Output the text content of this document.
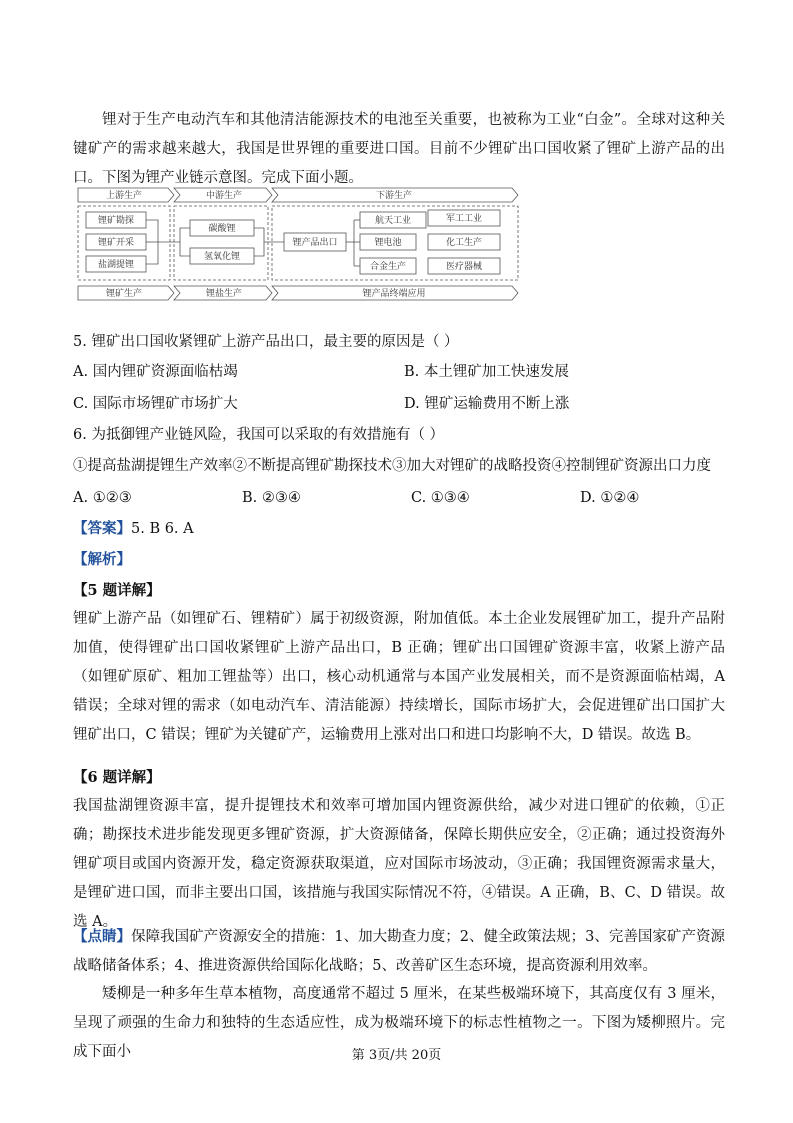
锂对于生产电动汽车和其他清洁能源技术的电池至关重要，也被称为工业“白金”。全球对这种关键矿产的需求越来越大，我国是世界锂的重要进口国。目前不少锂矿出口国收紧了锂矿上游产品的出口。下图为锂产业链示意图。完成下面小题。

上游生产	中游生产	下游生产
锂矿勘探
锂矿开采
盐湖提锂
碳酸锂
氢氧化锂
锂产品出口
航天工业	军工工业
锂电池	化工生产
合金生产	医疗器械
锂矿生产	锂盐生产	锂产品终端应用
5. 锂矿出口国收紧锂矿上游产品出口，最主要的原因是（ ）
A. 国内锂矿资源面临枯竭	B. 本土锂矿加工快速发展
C. 国际市场锂矿市场扩大	D. 锂矿运输费用不断上涨
6. 为抵御锂产业链风险，我国可以采取的有效措施有（ ）
①提高盐湖提锂生产效率②不断提高锂矿勘探技术③加大对锂矿的战略投资④控制锂矿资源出口力度
A. ①②③	B. ②③④	C. ①③④	D. ①②④
【答案】5. B 6. A
【解析】
【5 题详解】

锂矿上游产品（如锂矿石、锂精矿）属于初级资源，附加值低。本土企业发展锂矿加工，提升产品附加值，使得锂矿出口国收紧锂矿上游产品出口，B 正确；锂矿出口国锂矿资源丰富，收紧上游产品（如锂矿原矿、粗加工锂盐等）出口，核心动机通常与本国产业发展相关，而不是资源面临枯竭，A 错误；全球对锂的需求（如电动汽车、清洁能源）持续增长，国际市场扩大，会促进锂矿出口国扩大锂矿出口，C 错误；锂矿为关键矿产，运输费用上涨对出口和进口均影响不大，D 错误。故选 B。

【6 题详解】

我国盐湖锂资源丰富，提升提锂技术和效率可增加国内锂资源供给，减少对进口锂矿的依赖，①正确；勘探技术进步能发现更多锂矿资源，扩大资源储备，保障长期供应安全，②正确；通过投资海外锂矿项目或国内资源开发，稳定资源获取渠道，应对国际市场波动，③正确；我国锂资源需求量大，是锂矿进口国，而非主要出口国，该措施与我国实际情况不符，④错误。A 正确，B、C、D 错误。故选 A。

【点睛】保障我国矿产资源安全的措施：1、加大勘查力度；2、健全政策法规；3、完善国家矿产资源战略储备体系；4、推进资源供给国际化战略；5、改善矿区生态环境，提高资源利用效率。

矮柳是一种多年生草本植物，高度通常不超过 5 厘米，在某些极端环境下，其高度仅有 3 厘米，呈现了顽强的生命力和独特的生态适应性，成为极端环境下的标志性植物之一。下图为矮柳照片。完成下面小	第 3页/共 20页
